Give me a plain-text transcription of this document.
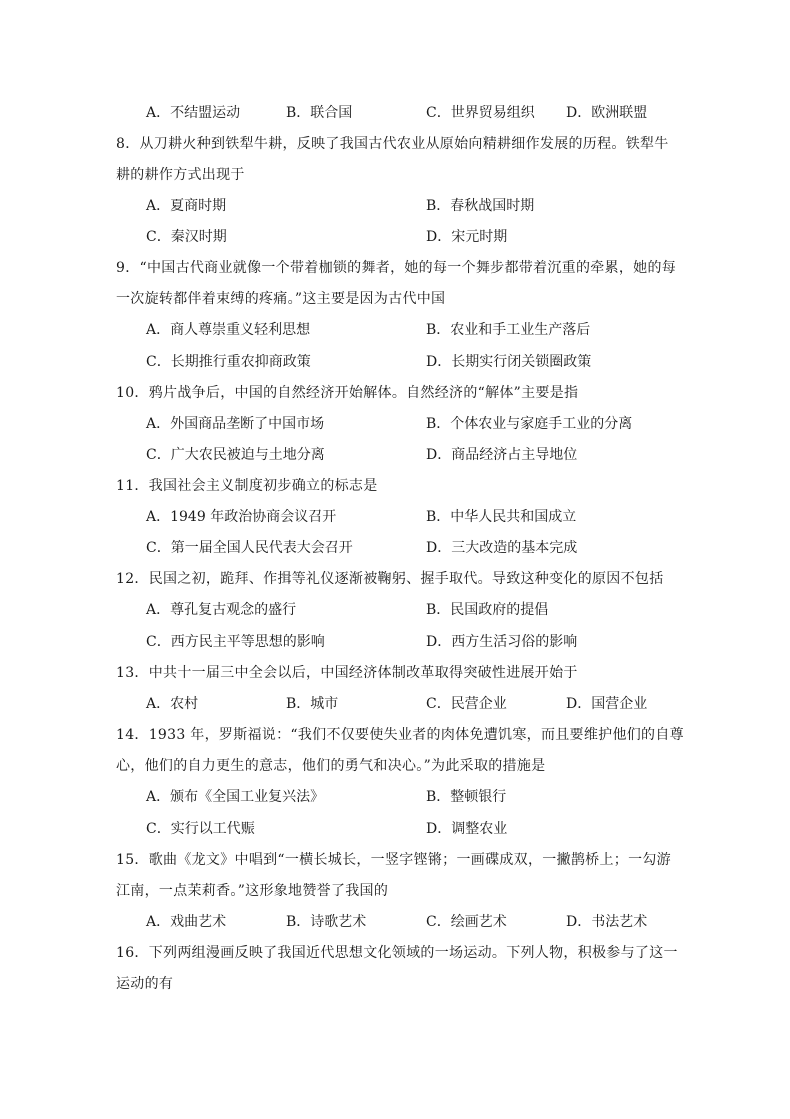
A．不结盟运动	B．联合国	C．世界贸易组织 D．欧洲联盟
8．从刀耕火种到铁犁牛耕，反映了我国古代农业从原始向精耕细作发展的历程。铁犁牛
耕的耕作方式出现于
A．夏商时期	B．春秋战国时期
C．秦汉时期	D．宋元时期
9．“中国古代商业就像一个带着枷锁的舞者，她的每一个舞步都带着沉重的牵累，她的每
一次旋转都伴着束缚的疼痛。”这主要是因为古代中国
A．商人尊崇重义轻利思想	B．农业和手工业生产落后
C．长期推行重农抑商政策	D．长期实行闭关锁圈政策
10．鸦片战争后，中国的自然经济开始解体。自然经济的“解体”主要是指
A．外国商品垄断了中国市场	B．个体农业与家庭手工业的分离
C．广大农民被迫与土地分离	D．商品经济占主导地位
11．我国社会主义制度初步确立的标志是
A．1949 年政治协商会议召开	B．中华人民共和国成立
C．第一届全国人民代表大会召开	D．三大改造的基本完成
12．民国之初，跪拜、作揖等礼仪逐渐被鞠躬、握手取代。导致这种变化的原因不包括
A．尊孔复古观念的盛行	B．民国政府的提倡
C．西方民主平等思想的影响	D．西方生活习俗的影响
13．中共十一届三中全会以后，中国经济体制改革取得突破性进展开始于
A．农村	B．城市	C．民营企业	D．国营企业
14．1933 年，罗斯福说：“我们不仅要使失业者的肉体免遭饥寒，而且要维护他们的自尊
心，他们的自力更生的意志，他们的勇气和决心。”为此采取的措施是
A．颁布《全国工业复兴法》	B．整顿银行
C．实行以工代赈	D．调整农业
15．歌曲《龙文》中唱到“一横长城长，一竖字铿锵；一画碟成双，一撇鹊桥上；一勾游
江南，一点茉莉香。”这形象地赞誉了我国的
A．戏曲艺术	B．诗歌艺术	C．绘画艺术	D．书法艺术
16．下列两组漫画反映了我国近代思想文化领域的一场运动。下列人物，积极参与了这一
运动的有
